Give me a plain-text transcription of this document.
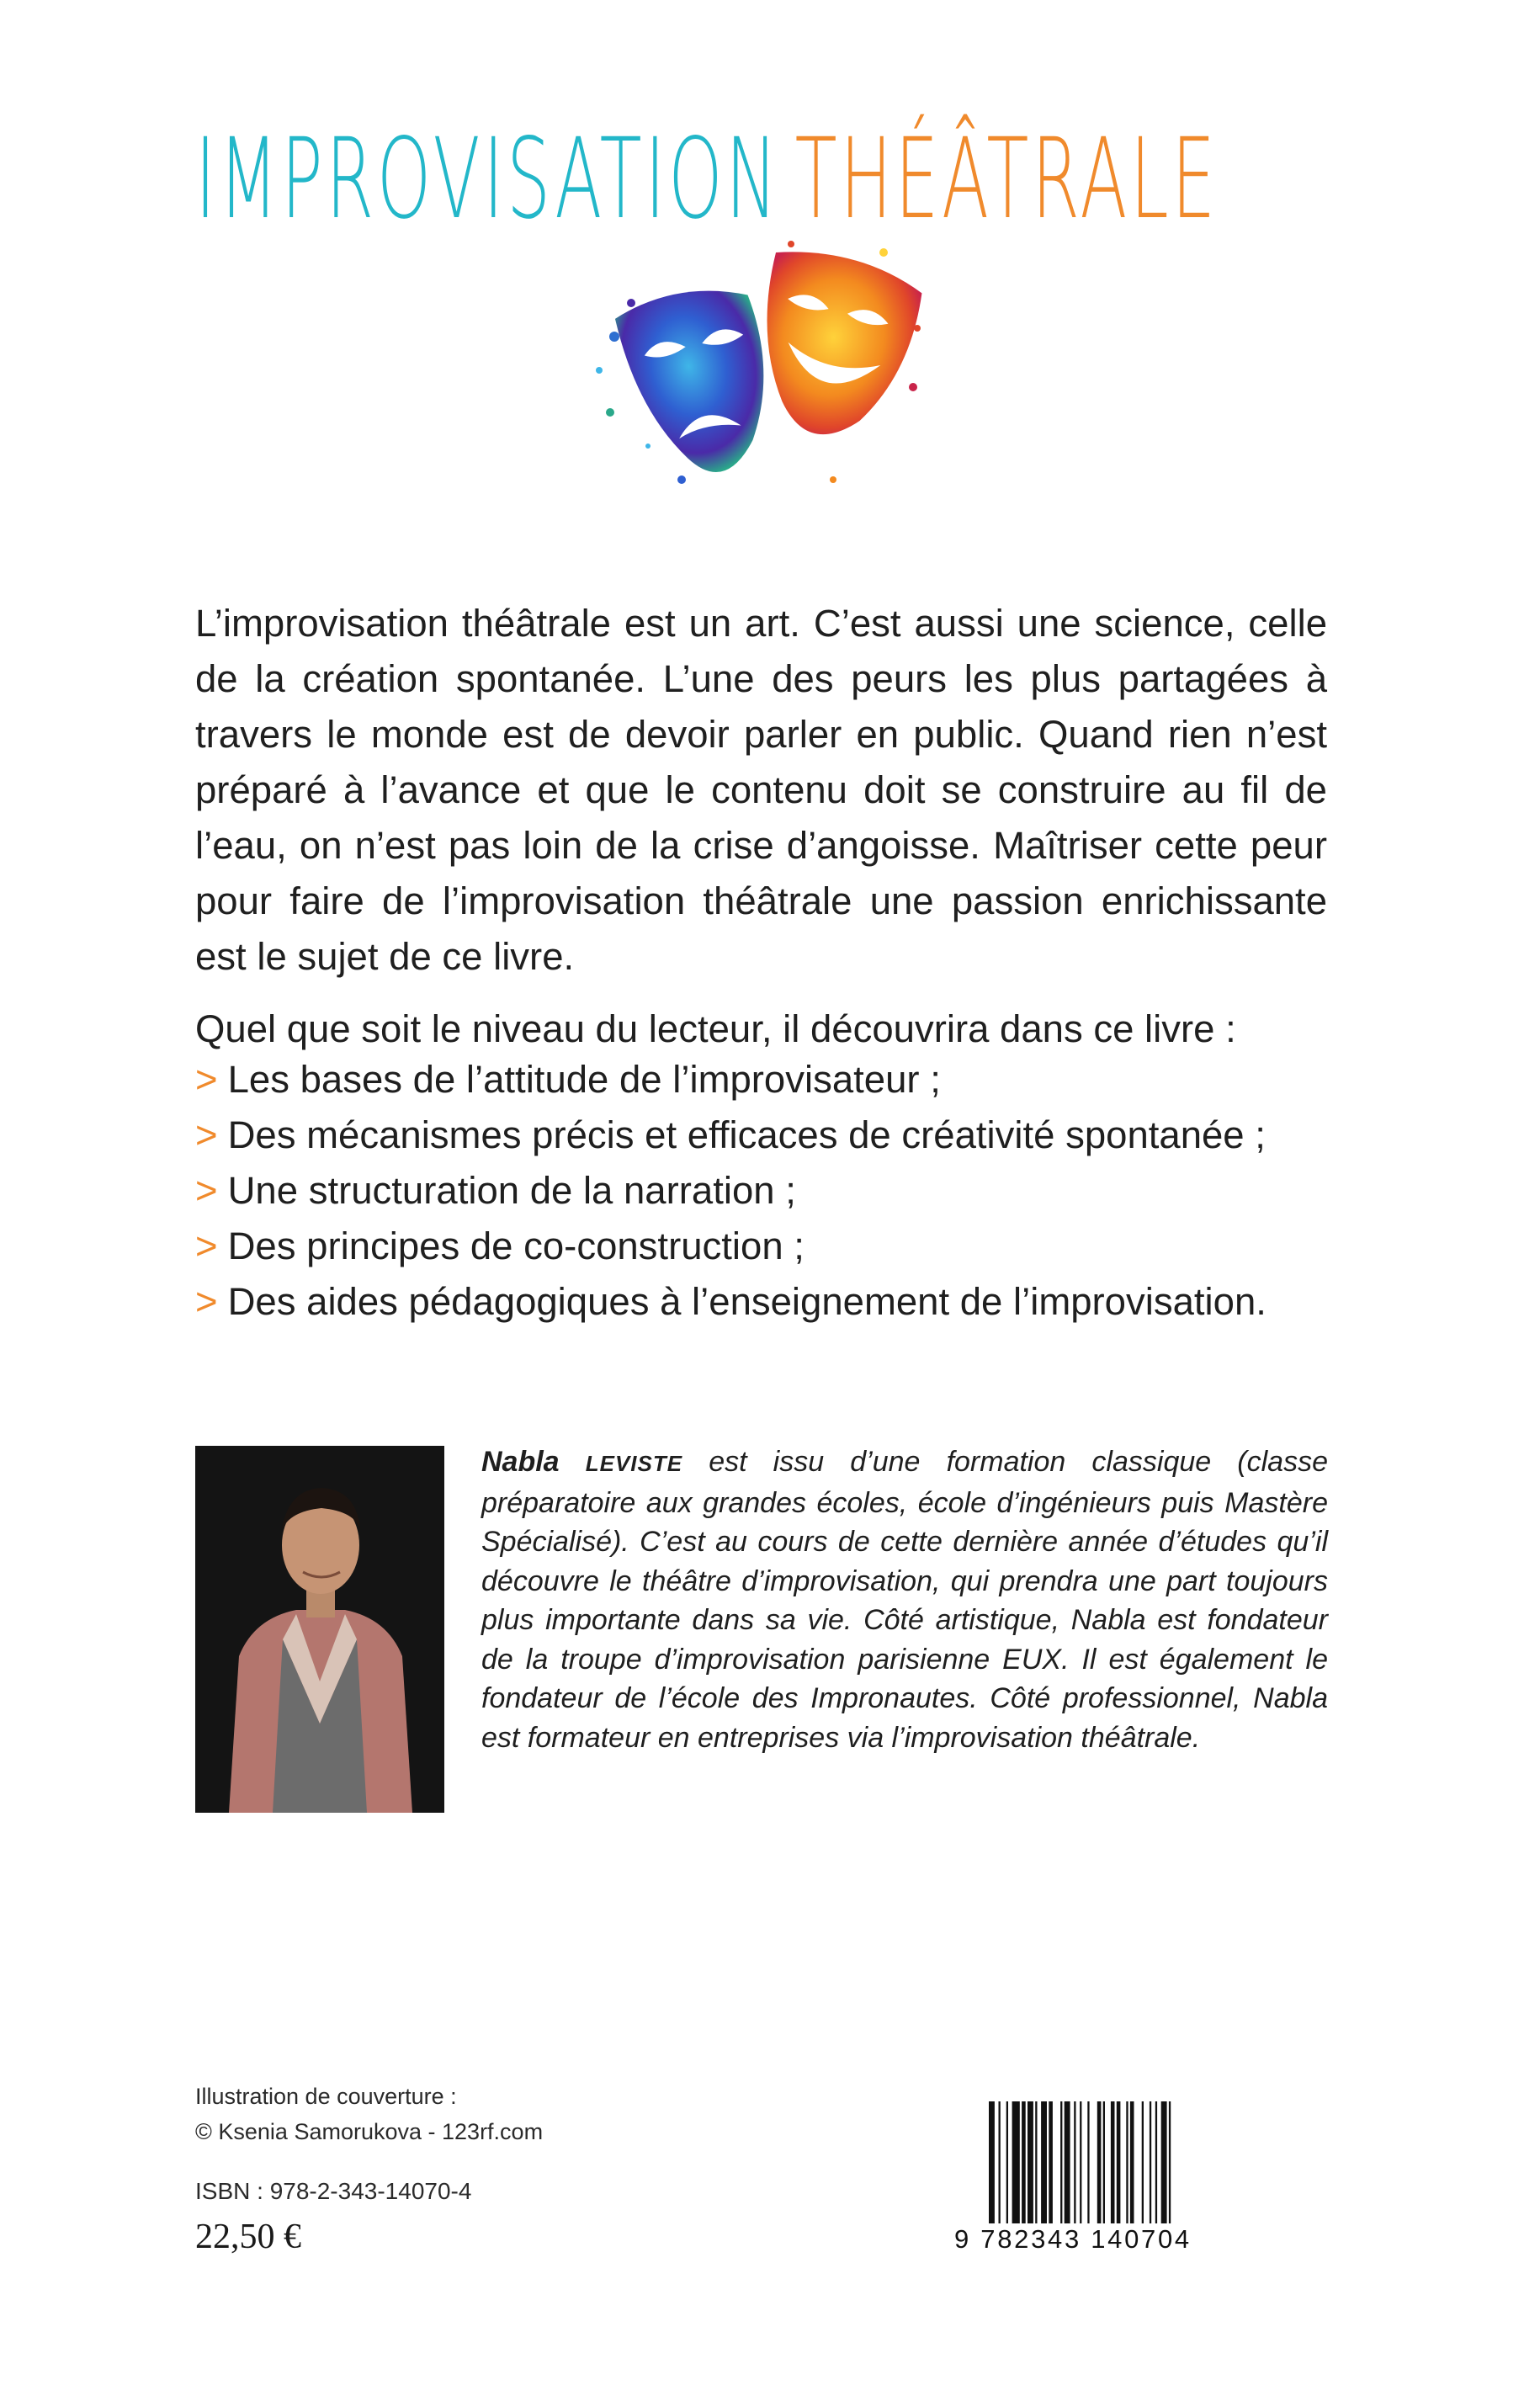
IMPROVISATION THÉÂTRALE

L’improvisation théâtrale est un art. C’est aussi une science, celle de la création spontanée. L’une des peurs les plus partagées à travers le monde est de devoir parler en public. Quand rien n’est préparé à l’avance et que le contenu doit se construire au fil de l’eau, on n’est pas loin de la crise d’angoisse. Maîtriser cette peur pour faire de l’improvisation théâtrale une passion enrichissante est le sujet de ce livre.

Quel que soit le niveau du lecteur, il découvrira dans ce livre :

> Les bases de l’attitude de l’improvisateur ;
> Des mécanismes précis et efficaces de créativité spontanée ;
> Une structuration de la narration ;
> Des principes de co-construction ;
> Des aides pédagogiques à l’enseignement de l’improvisation.

Nabla LEVISTE est issu d’une formation classique (classe préparatoire aux grandes écoles, école d’ingénieurs puis Mastère Spécialisé). C’est au cours de cette dernière année d’études qu’il découvre le théâtre d’improvisation, qui prendra une part toujours plus importante dans sa vie. Côté artistique, Nabla est fondateur de la troupe d’improvisation parisienne EUX. Il est également le fondateur de l’école des Impronautes. Côté professionnel, Nabla est formateur en entreprises via l’improvisation théâtrale.

Illustration de couverture :
© Ksenia Samorukova - 123rf.com
ISBN : 978-2-343-14070-4
22,50 €	9 782343 140704
